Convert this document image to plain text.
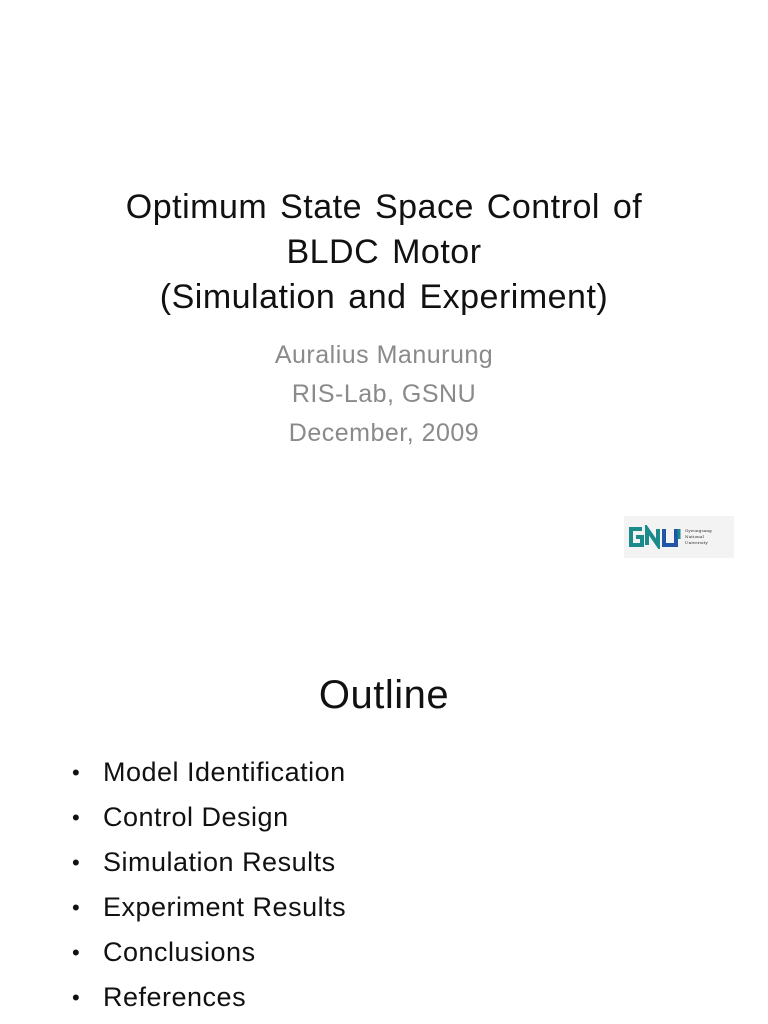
Optimum State Space Control of
BLDC Motor
(Simulation and Experiment)
Auralius Manurung
RIS-Lab, GSNU
December, 2009
Gyeongsang
National
University
Outline
• Model Identification
• Control Design
• Simulation Results
• Experiment Results
• Conclusions
• References
